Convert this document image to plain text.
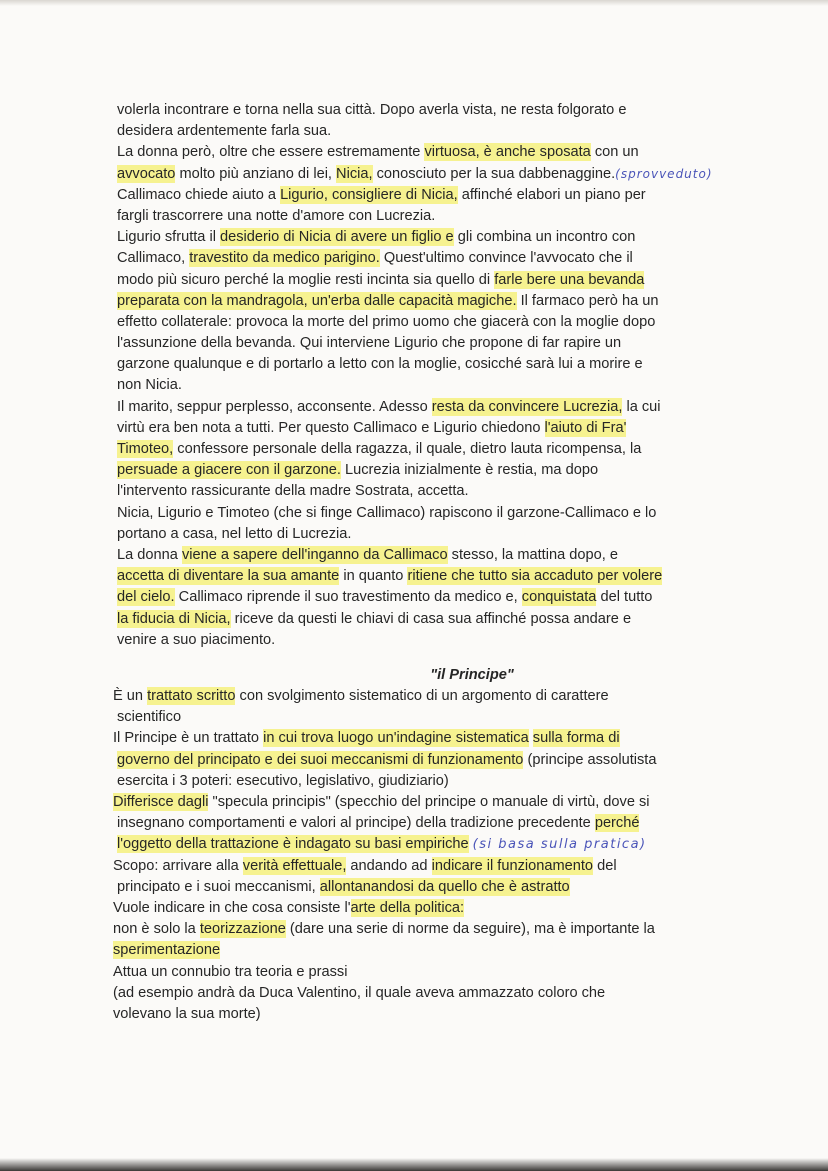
volerla incontrare e torna nella sua città. Dopo averla vista, ne resta folgorato e
desidera ardentemente farla sua.
La donna però, oltre che essere estremamente virtuosa, è anche sposata con un
avvocato molto più anziano di lei, Nicia, conosciuto per la sua dabbenaggine.(sprovveduto)
Callimaco chiede aiuto a Ligurio, consigliere di Nicia, affinché elabori un piano per
fargli trascorrere una notte d'amore con Lucrezia.
Ligurio sfrutta il desiderio di Nicia di avere un figlio e gli combina un incontro con
Callimaco, travestito da medico parigino. Quest'ultimo convince l'avvocato che il
modo più sicuro perché la moglie resti incinta sia quello di farle bere una bevanda
preparata con la mandragola, un'erba dalle capacità magiche. Il farmaco però ha un
effetto collaterale: provoca la morte del primo uomo che giacerà con la moglie dopo
l'assunzione della bevanda. Qui interviene Ligurio che propone di far rapire un
garzone qualunque e di portarlo a letto con la moglie, cosicché sarà lui a morire e
non Nicia.
Il marito, seppur perplesso, acconsente. Adesso resta da convincere Lucrezia, la cui
virtù era ben nota a tutti. Per questo Callimaco e Ligurio chiedono l'aiuto di Fra'
Timoteo, confessore personale della ragazza, il quale, dietro lauta ricompensa, la
persuade a giacere con il garzone. Lucrezia inizialmente è restia, ma dopo
l'intervento rassicurante della madre Sostrata, accetta.
Nicia, Ligurio e Timoteo (che si finge Callimaco) rapiscono il garzone-Callimaco e lo
portano a casa, nel letto di Lucrezia.
La donna viene a sapere dell'inganno da Callimaco stesso, la mattina dopo, e
accetta di diventare la sua amante in quanto ritiene che tutto sia accaduto per volere
del cielo. Callimaco riprende il suo travestimento da medico e, conquistata del tutto
la fiducia di Nicia, riceve da questi le chiavi di casa sua affinché possa andare e
venire a suo piacimento.
"il Principe"
È un trattato scritto con svolgimento sistematico di un argomento di carattere
scientifico
Il Principe è un trattato in cui trova luogo un'indagine sistematica sulla forma di
governo del principato e dei suoi meccanismi di funzionamento (principe assolutista
esercita i 3 poteri: esecutivo, legislativo, giudiziario)
Differisce dagli "specula principis" (specchio del principe o manuale di virtù, dove si
insegnano comportamenti e valori al principe) della tradizione precedente perché
l'oggetto della trattazione è indagato su basi empiriche (si basa sulla pratica)
Scopo: arrivare alla verità effettuale, andando ad indicare il funzionamento del
principato e i suoi meccanismi, allontanandosi da quello che è astratto
Vuole indicare in che cosa consiste l'arte della politica:
non è solo la teorizzazione (dare una serie di norme da seguire), ma è importante la
sperimentazione
Attua un connubio tra teoria e prassi
(ad esempio andrà da Duca Valentino, il quale aveva ammazzato coloro che
volevano la sua morte)
